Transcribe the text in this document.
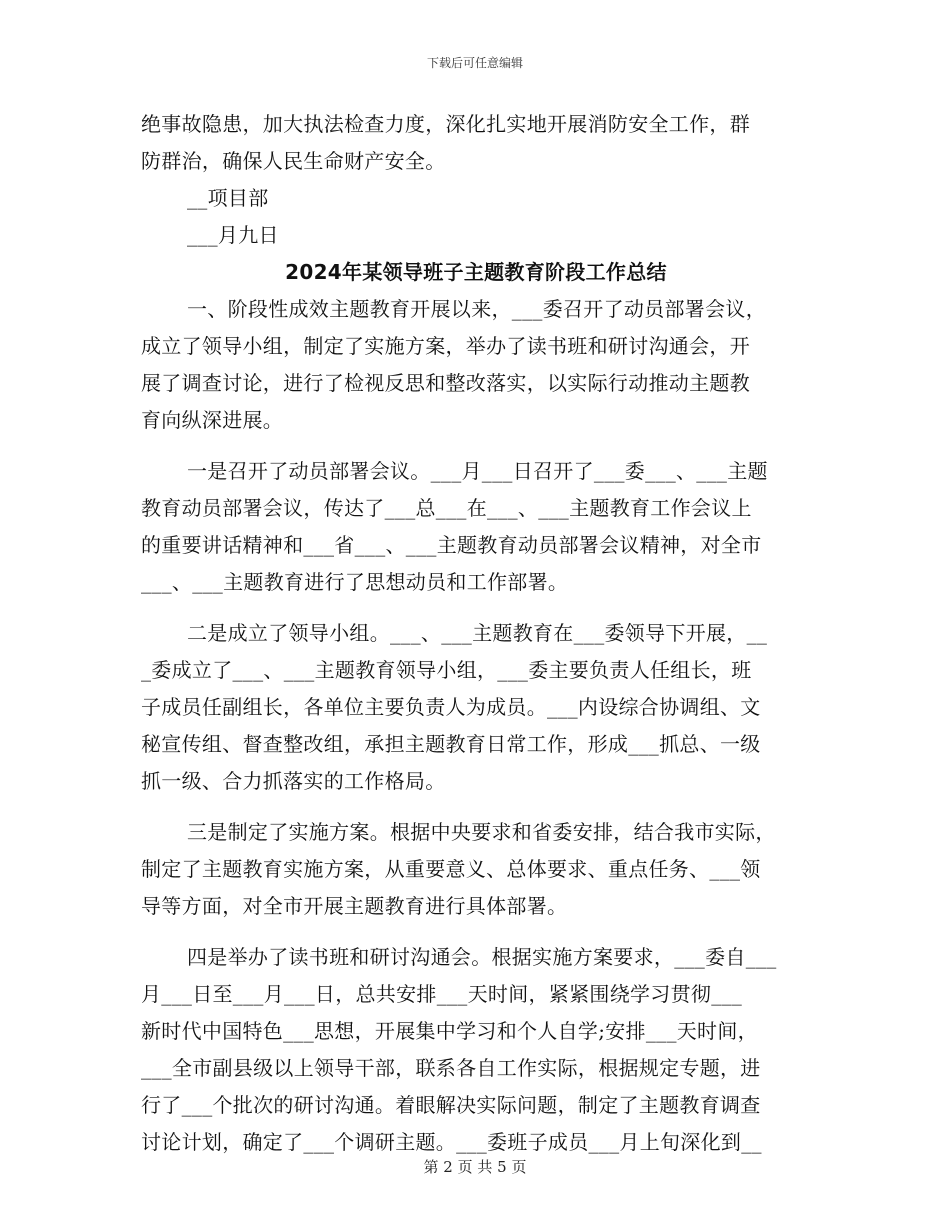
下载后可任意编辑
绝事故隐患，加大执法检查力度，深化扎实地开展消防安全工作，群
防群治，确保人民生命财产安全。
__项目部
___月九日
2024年某领导班子主题教育阶段工作总结
一、阶段性成效主题教育开展以来，___委召开了动员部署会议，
成立了领导小组，制定了实施方案，举办了读书班和研讨沟通会，开
展了调查讨论，进行了检视反思和整改落实，以实际行动推动主题教
育向纵深进展。
一是召开了动员部署会议。___月___日召开了___委___、___主题
教育动员部署会议，传达了___总___在___、___主题教育工作会议上
的重要讲话精神和___省___、___主题教育动员部署会议精神，对全市
___、___主题教育进行了思想动员和工作部署。
二是成立了领导小组。___、___主题教育在___委领导下开展，__
_委成立了___、___主题教育领导小组，___委主要负责人任组长，班
子成员任副组长，各单位主要负责人为成员。___内设综合协调组、文
秘宣传组、督查整改组，承担主题教育日常工作，形成___抓总、一级
抓一级、合力抓落实的工作格局。
三是制定了实施方案。根据中央要求和省委安排，结合我市实际，
制定了主题教育实施方案，从重要意义、总体要求、重点任务、___领
导等方面，对全市开展主题教育进行具体部署。
四是举办了读书班和研讨沟通会。根据实施方案要求，___委自___
月___日至___月___日，总共安排___天时间，紧紧围绕学习贯彻___
新时代中国特色___思想，开展集中学习和个人自学;安排___天时间，
___全市副县级以上领导干部，联系各自工作实际，根据规定专题，进
行了___个批次的研讨沟通。着眼解决实际问题，制定了主题教育调查
讨论计划，确定了___个调研主题。___委班子成员___月上旬深化到__
第 2 页 共 5 页
